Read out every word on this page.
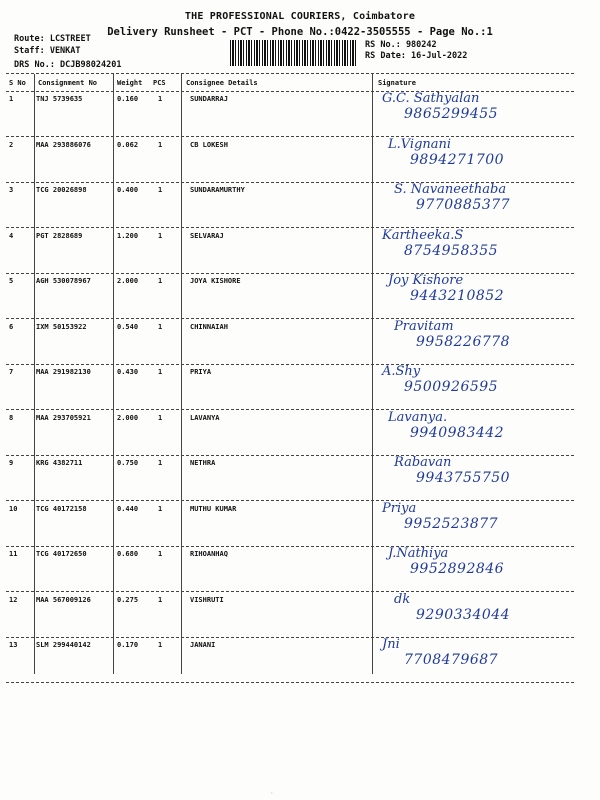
THE PROFESSIONAL COURIERS, Coimbatore
Delivery Runsheet - PCT - Phone No.:0422-3505555 - Page No.:1
Route: LCSTREET
Staff: VENKAT
DRS No.: DCJB98024201
RS No.: 980242
RS Date: 16-Jul-2022
S No Consignment No	Weight PCS	Consignee Details	Signature
1	TNJ 5739635	0.160	1	SUNDARRAJ	G.C. Sathyalan
9865299455
2	MAA 293886076	0.062	1	CB LOKESH	L.Vignani
9894271700
3	TCG 20026898	0.400	1	SUNDARAMURTHY	S. Navaneethaba
9770885377
4	PGT 2828689	1.200	1	SELVARAJ	Kartheeka.S
8754958355
5	AGH 530078967	2.000	1	JOYA KISHORE	Joy Kishore
9443210852
6	IXM 50153922	0.540	1	CHINNAIAH	Pravitam
9958226778
7	MAA 291982130	0.430	1	PRIYA	A.Shy
9500926595
8	MAA 293705921	2.000	1	LAVANYA	Lavanya.
9940983442
9	KRG 4382711	0.750	1	NETHRA	Rabavan
9943755750
10	TCG 40172158	0.440	1	MUTHU KUMAR	Priya
9952523877
11	TCG 40172650	0.680	1	RIHOANHAQ	J.Nathiya
9952892846
12	MAA 567009126	0.275	1	VISHRUTI	dk
9290334044
13	SLM 299440142	0.170	1	JANANI	Jni
7708479687
·
